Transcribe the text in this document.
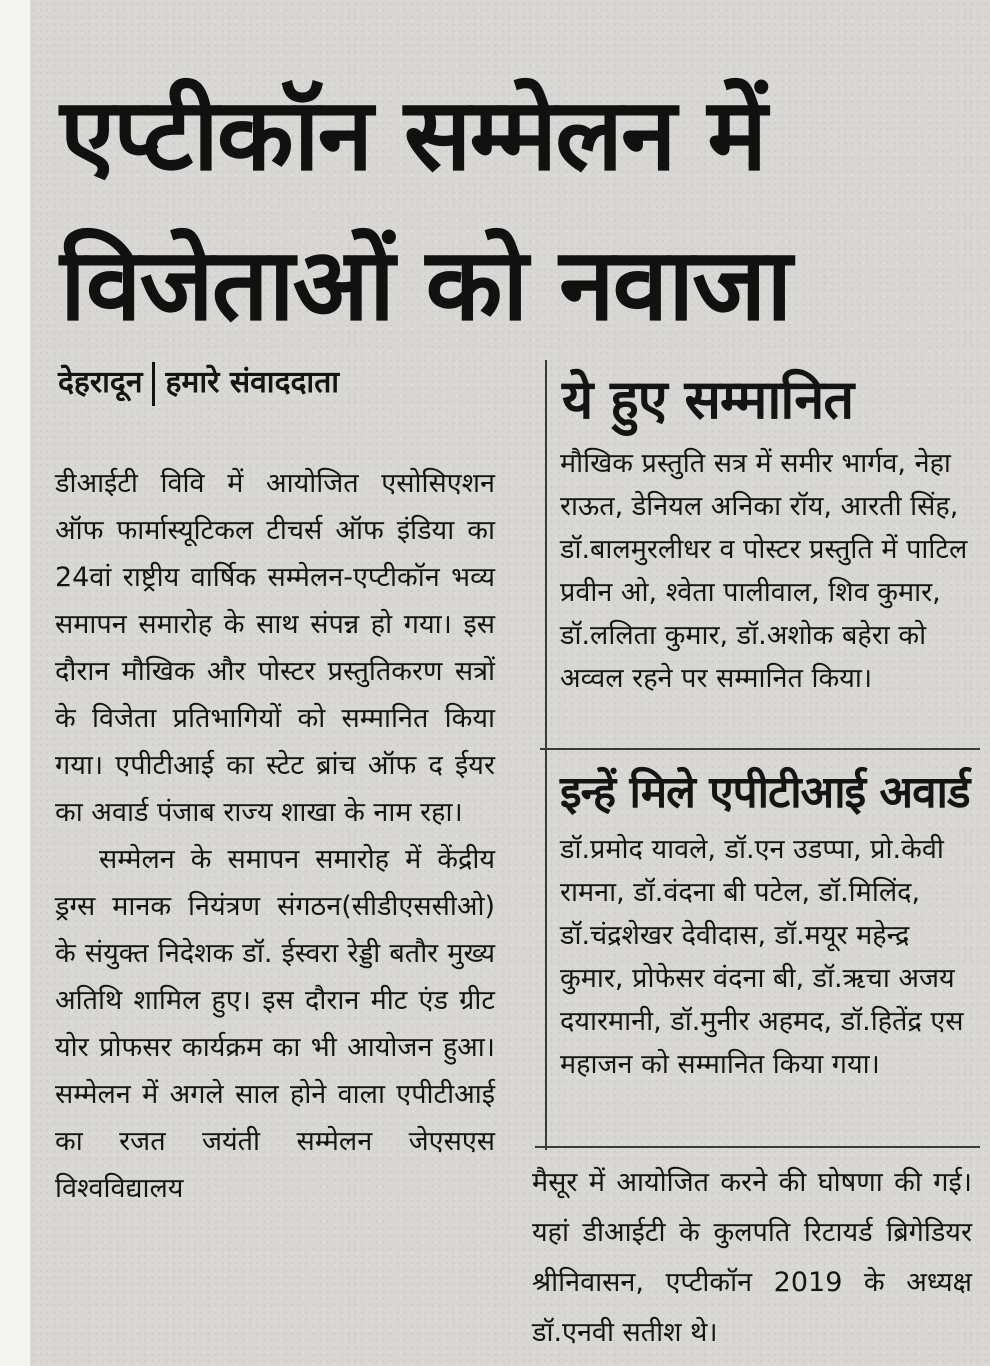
एप्टीकॉन सम्मेलन में
विजेताओं को नवाजा
देहरादून हमारे संवाददाता

डीआईटी विवि में आयोजित एसोसिएशन ऑफ फार्मास्यूटिकल टीचर्स ऑफ इंडिया का 24वां राष्ट्रीय वार्षिक सम्मेलन-एप्टीकॉन भव्य समापन समारोह के साथ संपन्न हो गया। इस दौरान मौखिक और पोस्टर प्रस्तुतिकरण सत्रों के विजेता प्रतिभागियों को सम्मानित किया गया। एपीटीआई का स्टेट ब्रांच ऑफ द ईयर का अवार्ड पंजाब राज्य शाखा के नाम रहा।

सम्मेलन के समापन समारोह में केंद्रीय ड्रग्स मानक नियंत्रण संगठन(सीडीएससीओ) के संयुक्त निदेशक डॉ. ईस्वरा रेड्डी बतौर मुख्य अतिथि शामिल हुए। इस दौरान मीट एंड ग्रीट योर प्रोफसर कार्यक्रम का भी आयोजन हुआ। सम्मेलन में अगले साल होने वाला एपीटीआई का रजत जयंती सम्मेलन जेएसएस विश्वविद्यालय

ये हुए सम्मानित

मौखिक प्रस्तुति सत्र में समीर भार्गव, नेहा राऊत, डेनियल अनिका रॉय, आरती सिंह, डॉ.बालमुरलीधर व पोस्टर प्रस्तुति में पाटिल प्रवीन ओ, श्वेता पालीवाल, शिव कुमार, डॉ.ललिता कुमार, डॉ.अशोक बहेरा को अव्वल रहने पर सम्मानित किया।

इन्हें मिले एपीटीआई अवार्ड

डॉ.प्रमोद यावले, डॉ.एन उडप्पा, प्रो.केवी रामना, डॉ.वंदना बी पटेल, डॉ.मिलिंद, डॉ.चंद्रशेखर देवीदास, डॉ.मयूर महेन्द्र कुमार, प्रोफेसर वंदना बी, डॉ.ऋचा अजय दयारमानी, डॉ.मुनीर अहमद, डॉ.हितेंद्र एस महाजन को सम्मानित किया गया।

मैसूर में आयोजित करने की घोषणा की गई। यहां डीआईटी के कुलपति रिटायर्ड ब्रिगेडियर श्रीनिवासन, एप्टीकॉन 2019 के अध्यक्ष डॉ.एनवी सतीश थे।
